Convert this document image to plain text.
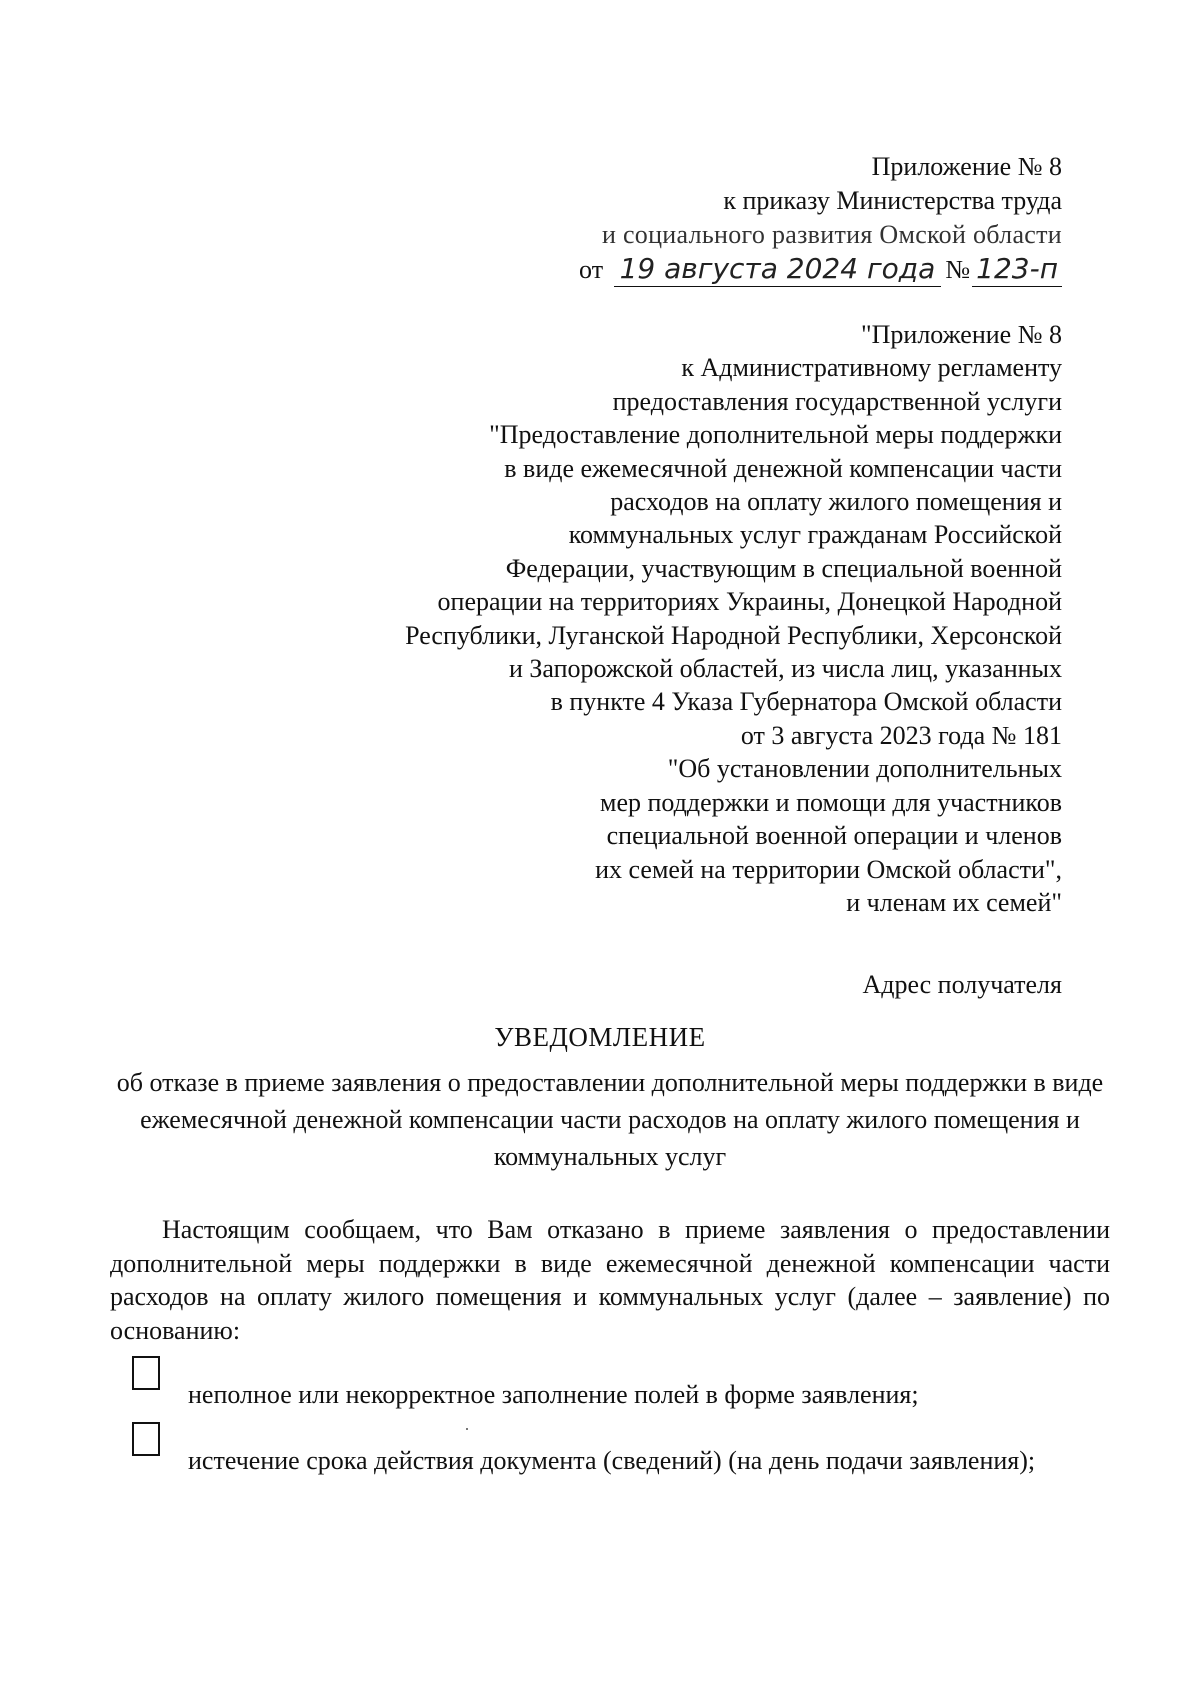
Приложение № 8
к приказу Министерства труда
и социального развития Омской области
от 19 августа 2024 года № 123-п
"Приложение № 8
к Административному регламенту
предоставления государственной услуги
"Предоставление дополнительной меры поддержки
в виде ежемесячной денежной компенсации части
расходов на оплату жилого помещения и
коммунальных услуг гражданам Российской
Федерации, участвующим в специальной военной
операции на территориях Украины, Донецкой Народной
Республики, Луганской Народной Республики, Херсонской
и Запорожской областей, из числа лиц, указанных
в пункте 4 Указа Губернатора Омской области
от 3 августа 2023 года № 181
"Об установлении дополнительных
мер поддержки и помощи для участников
специальной военной операции и членов
их семей на территории Омской области",
и членам их семей"
Адрес получателя
УВЕДОМЛЕНИЕ
об отказе в приеме заявления о предоставлении дополнительной меры поддержки в виде ежемесячной денежной компенсации части расходов на оплату жилого помещения и коммунальных услуг

Настоящим сообщаем, что Вам отказано в приеме заявления о предоставлении дополнительной меры поддержки в виде ежемесячной денежной компенсации части расходов на оплату жилого помещения и коммунальных услуг (далее – заявление) по основанию:

неполное или некорректное заполнение полей в форме заявления;
истечение срока действия документа (сведений) (на день подачи заявления);
